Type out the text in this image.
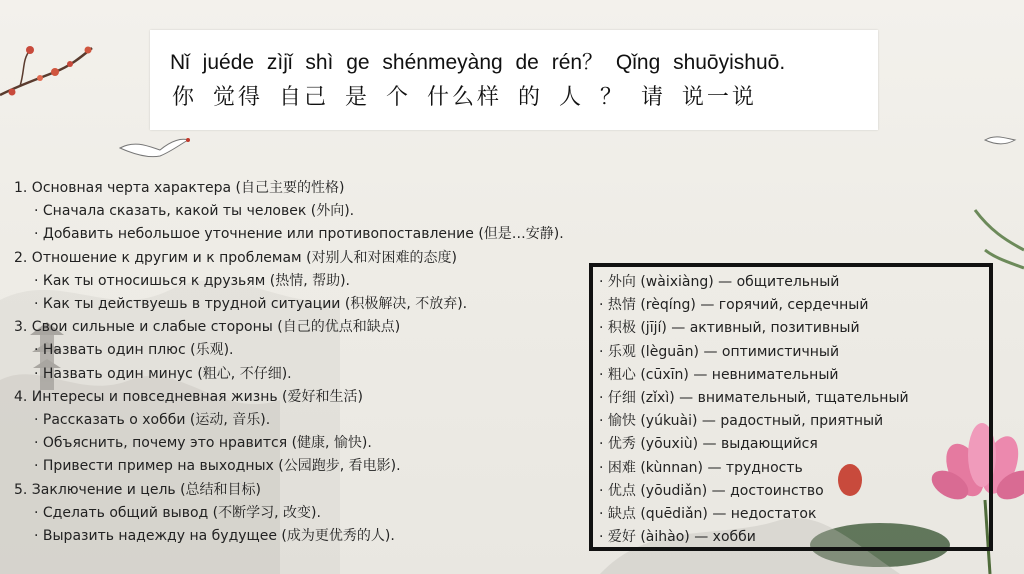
Nǐ juéde zìjǐ shì ge shénmeyàng de rén？ Qǐng shuōyishuō.
你 觉得 自己 是 个 什么样 的 人 ？ 请 说一说
1. Основная черта характера (自己主要的性格)
· Сначала сказать, какой ты человек (外向).
· Добавить небольшое уточнение или противопоставление (但是…安静).
2. Отношение к другим и к проблемам (对别人和对困难的态度)
· Как ты относишься к друзьям (热情, 帮助).
· Как ты действуешь в трудной ситуации (积极解决, 不放弃).
3. Свои сильные и слабые стороны (自己的优点和缺点)
· Назвать один плюс (乐观).
· Назвать один минус (粗心, 不仔细).
4. Интересы и повседневная жизнь (爱好和生活)
· Рассказать о хобби (运动, 音乐).
· Объяснить, почему это нравится (健康, 愉快).
· Привести пример на выходных (公园跑步, 看电影).
5. Заключение и цель (总结和目标)
· Сделать общий вывод (不断学习, 改变).
· Выразить надежду на будущее (成为更优秀的人).
· 外向 (wàixiàng) — общительный
· 热情 (rèqíng) — горячий, сердечный
· 积极 (jījí) — активный, позитивный
· 乐观 (lèguān) — оптимистичный
· 粗心 (cūxīn) — невнимательный
· 仔细 (zǐxì) — внимательный, тщательный
· 愉快 (yúkuài) — радостный, приятный
· 优秀 (yōuxiù) — выдающийся
· 困难 (kùnnan) — трудность
· 优点 (yōudiǎn) — достоинство
· 缺点 (quēdiǎn) — недостаток
· 爱好 (àihào) — хобби
